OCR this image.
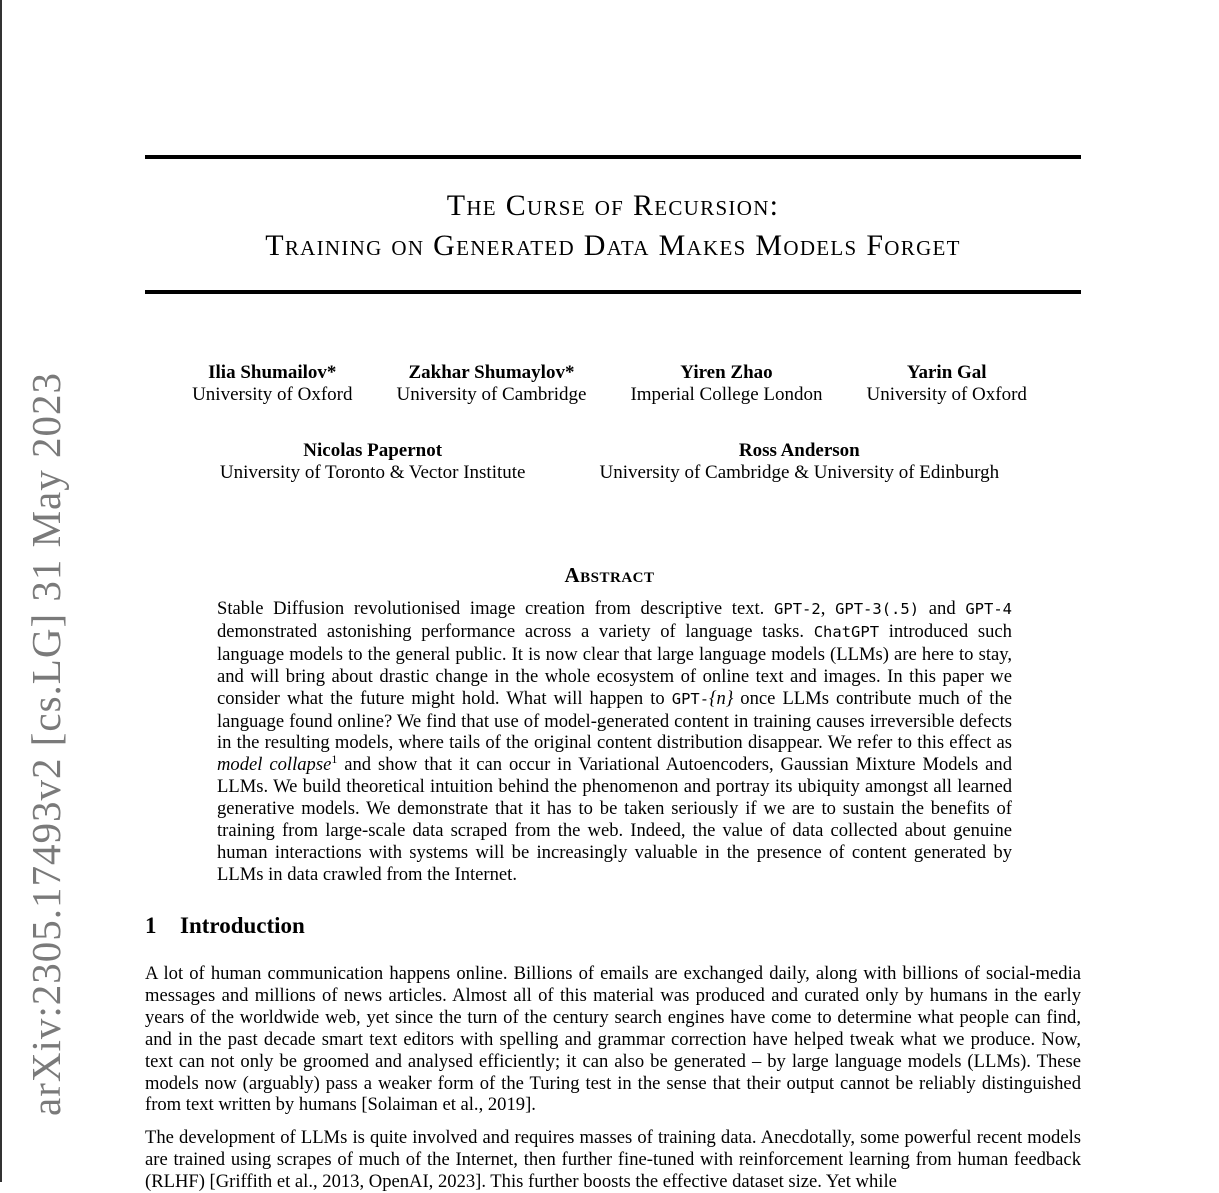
arXiv:2305.17493v2 [cs.LG] 31 May 2023
The Curse of Recursion:
Training on Generated Data Makes Models Forget
Ilia Shumailov*
University of Oxford
Zakhar Shumaylov*
University of Cambridge
Yiren Zhao
Imperial College London
Yarin Gal
University of Oxford
Nicolas Papernot
University of Toronto & Vector Institute
Ross Anderson
University of Cambridge & University of Edinburgh
Abstract
Stable Diffusion revolutionised image creation from descriptive text. GPT-2, GPT-3(.5) and GPT-4 demonstrated astonishing performance across a variety of language tasks. ChatGPT introduced such language models to the general public. It is now clear that large language models (LLMs) are here to stay, and will bring about drastic change in the whole ecosystem of online text and images. In this paper we consider what the future might hold. What will happen to GPT-{n} once LLMs contribute much of the language found online? We find that use of model-generated content in training causes irreversible defects in the resulting models, where tails of the original content distribution disappear. We refer to this effect as model collapse$^1$ and show that it can occur in Variational Autoencoders, Gaussian Mixture Models and LLMs. We build theoretical intuition behind the phenomenon and portray its ubiquity amongst all learned generative models. We demonstrate that it has to be taken seriously if we are to sustain the benefits of training from large-scale data scraped from the web. Indeed, the value of data collected about genuine human interactions with systems will be increasingly valuable in the presence of content generated by LLMs in data crawled from the Internet.
1 Introduction
A lot of human communication happens online. Billions of emails are exchanged daily, along with billions of social-media messages and millions of news articles. Almost all of this material was produced and curated only by humans in the early years of the worldwide web, yet since the turn of the century search engines have come to determine what people can find, and in the past decade smart text editors with spelling and grammar correction have helped tweak what we produce. Now, text can not only be groomed and analysed efficiently; it can also be generated – by large language models (LLMs). These models now (arguably) pass a weaker form of the Turing test in the sense that their output cannot be reliably distinguished from text written by humans [Solaiman et al., 2019].
The development of LLMs is quite involved and requires masses of training data. Anecdotally, some powerful recent models are trained using scrapes of much of the Internet, then further fine-tuned with reinforcement learning from human feedback (RLHF) [Griffith et al., 2013, OpenAI, 2023]. This further boosts the effective dataset size. Yet while
